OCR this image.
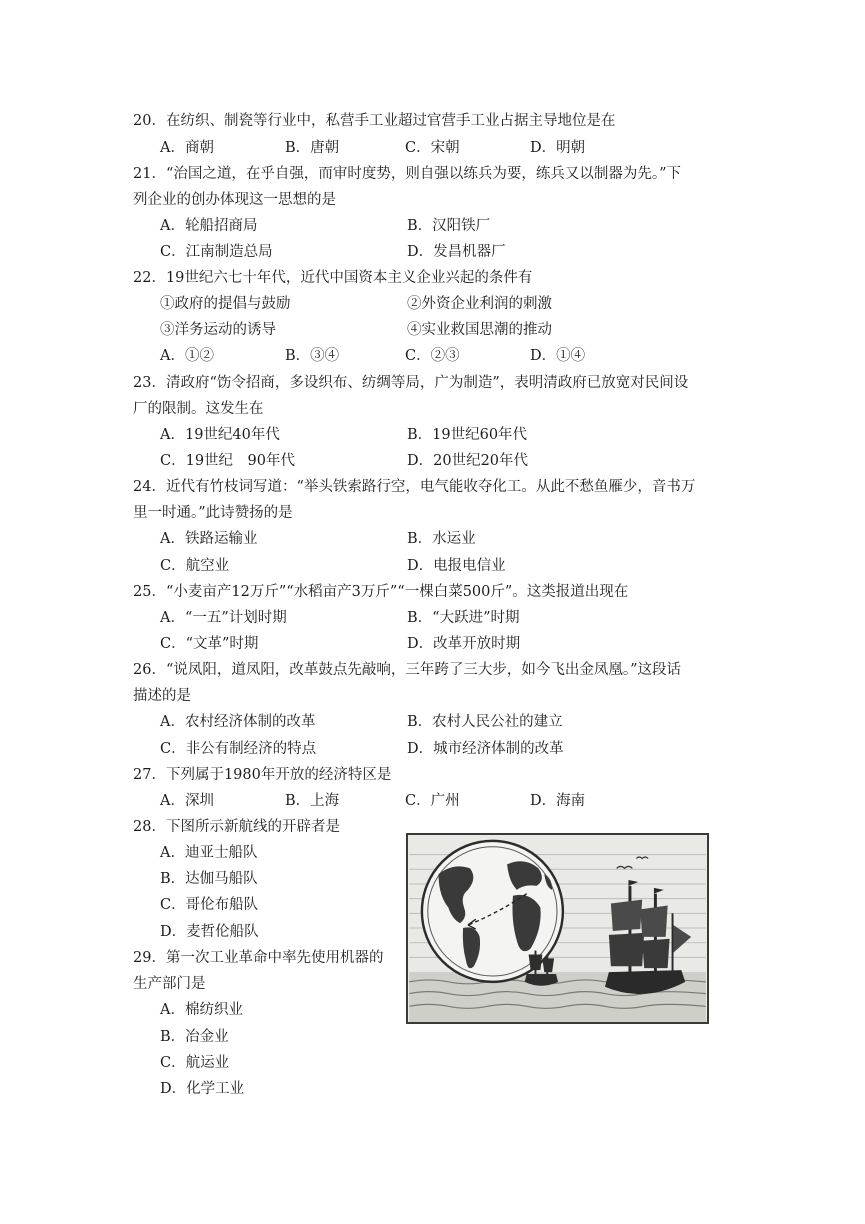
20．在纺织、制瓷等行业中，私营手工业超过官营手工业占据主导地位是在
A．商朝	B．唐朝	C．宋朝	D．明朝
21．“治国之道，在乎自强，而审时度势，则自强以练兵为要，练兵又以制器为先。”下
列企业的创办体现这一思想的是
A．轮船招商局	B．汉阳铁厂
C．江南制造总局	D．发昌机器厂
22．19世纪六七十年代，近代中国资本主义企业兴起的条件有
①政府的提倡与鼓励	②外资企业利润的刺激
③洋务运动的诱导	④实业救国思潮的推动
A．①②	B．③④	C．②③	D．①④
23．清政府“饬令招商，多设织布、纺绸等局，广为制造”，表明清政府已放宽对民间设
厂的限制。这发生在
A．19世纪40年代	B．19世纪60年代
C．19世纪　90年代	D．20世纪20年代
24．近代有竹枝词写道：“举头铁索路行空，电气能收夺化工。从此不愁鱼雁少，音书万
里一时通。”此诗赞扬的是
A．铁路运输业	B．水运业
C．航空业	D．电报电信业
25．“小麦亩产12万斤”“水稻亩产3万斤”“一棵白菜500斤”。这类报道出现在
A．“一五”计划时期	B．“大跃进”时期
C．“文革”时期	D．改革开放时期
26．“说凤阳，道凤阳，改革鼓点先敲响，三年跨了三大步，如今飞出金凤凰。”这段话
描述的是
A．农村经济体制的改革	B．农村人民公社的建立
C．非公有制经济的特点	D．城市经济体制的改革
27．下列属于1980年开放的经济特区是
A．深圳	B．上海	C．广州	D．海南
28．下图所示新航线的开辟者是
A．迪亚士船队
B．达伽马船队
C．哥伦布船队
D．麦哲伦船队
29．第一次工业革命中率先使用机器的
生产部门是
A．棉纺织业
B．冶金业
C．航运业
D．化学工业
